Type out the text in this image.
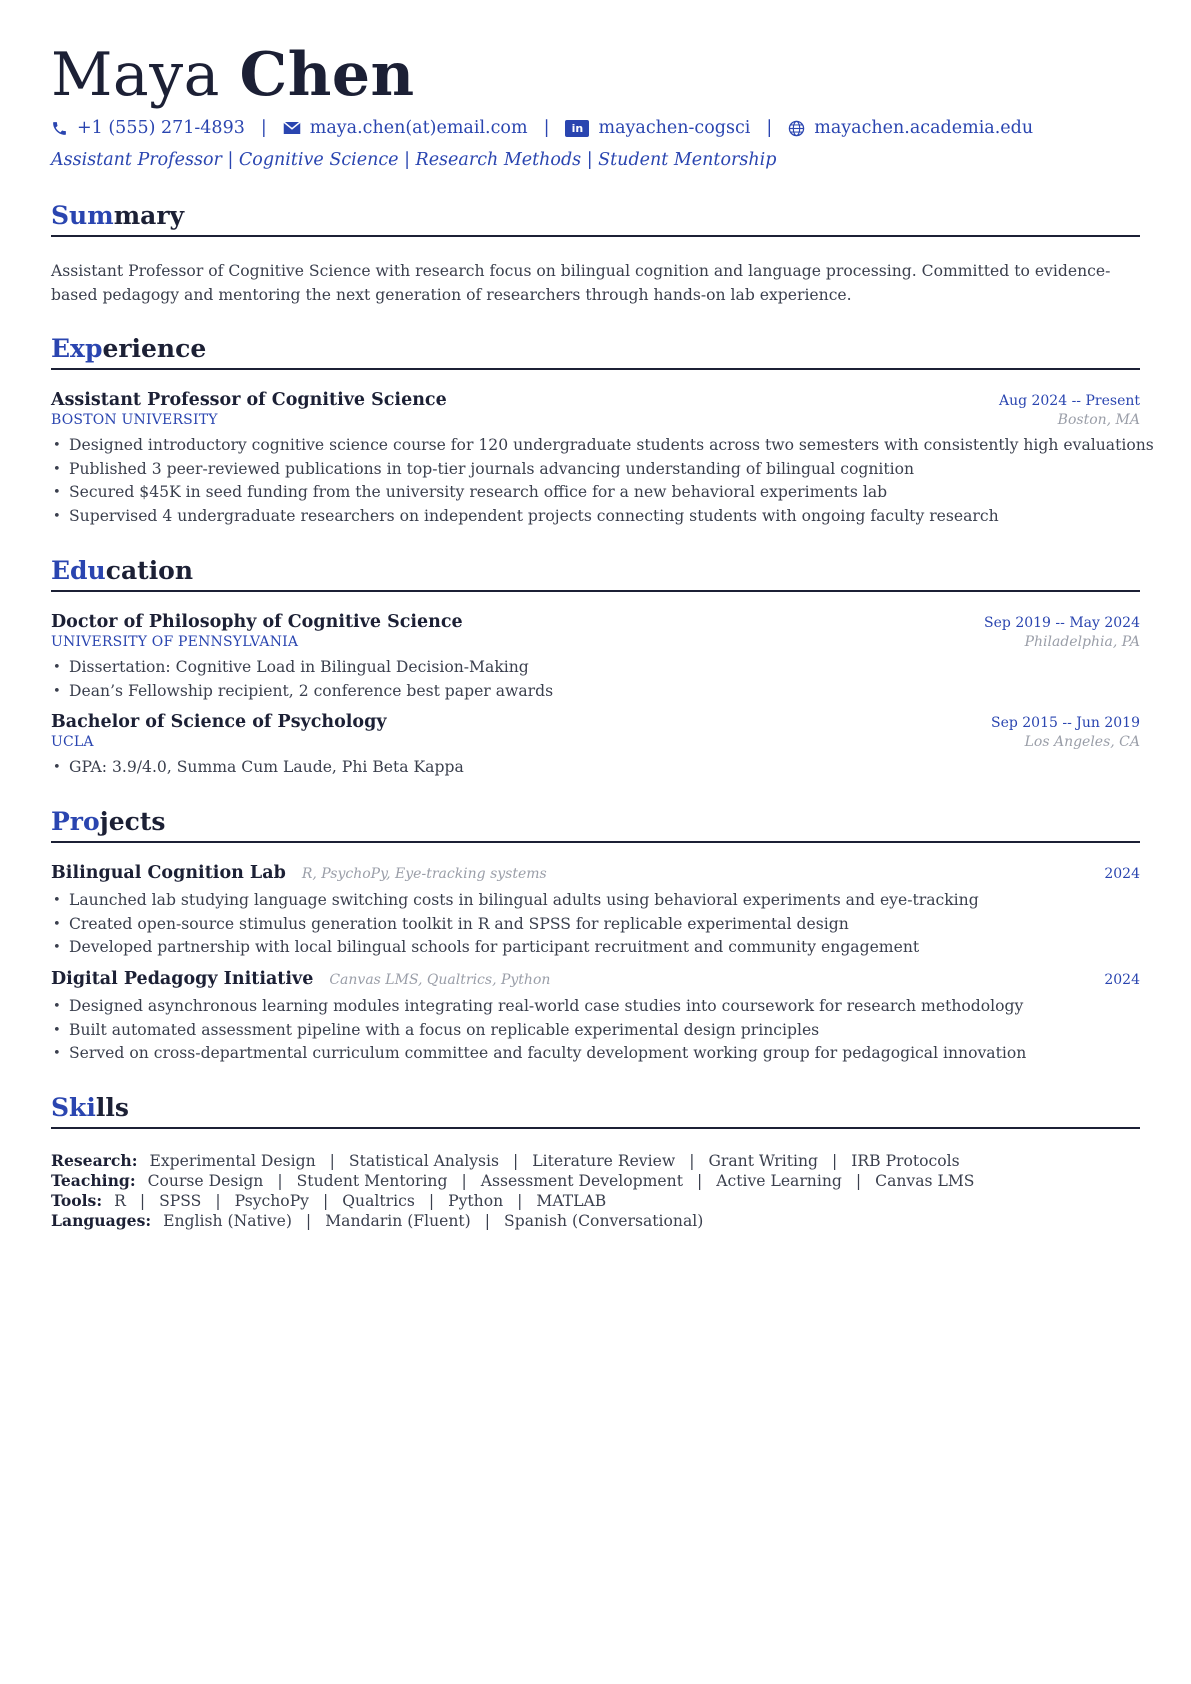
Maya Chen
+1 (555) 271-4893 | maya.chen(at)email.com |	in mayachen-cogsci | mayachen.academia.edu
Assistant Professor | Cognitive Science | Research Methods | Student Mentorship
Summary

Assistant Professor of Cognitive Science with research focus on bilingual cognition and language processing. Committed to evidence-based pedagogy and mentoring the next generation of researchers through hands-on lab experience.

Experience
Assistant Professor of Cognitive Science	Aug 2024 -- Present
BOSTON UNIVERSITY	Boston, MA
• Designed introductory cognitive science course for 120 undergraduate students across two semesters with consistently high evaluations
• Published 3 peer-reviewed publications in top-tier journals advancing understanding of bilingual cognition
• Secured $45K in seed funding from the university research office for a new behavioral experiments lab
• Supervised 4 undergraduate researchers on independent projects connecting students with ongoing faculty research
Education
Doctor of Philosophy of Cognitive Science	Sep 2019 -- May 2024
UNIVERSITY OF PENNSYLVANIA	Philadelphia, PA
• Dissertation: Cognitive Load in Bilingual Decision-Making
• Dean’s Fellowship recipient, 2 conference best paper awards
Bachelor of Science of Psychology	Sep 2015 -- Jun 2019
UCLA	Los Angeles, CA
• GPA: 3.9/4.0, Summa Cum Laude, Phi Beta Kappa
Projects
Bilingual Cognition Lab R, PsychoPy, Eye-tracking systems	2024
• Launched lab studying language switching costs in bilingual adults using behavioral experiments and eye-tracking
• Created open-source stimulus generation toolkit in R and SPSS for replicable experimental design
• Developed partnership with local bilingual schools for participant recruitment and community engagement
Digital Pedagogy Initiative Canvas LMS, Qualtrics, Python	2024
• Designed asynchronous learning modules integrating real-world case studies into coursework for research methodology
• Built automated assessment pipeline with a focus on replicable experimental design principles
• Served on cross-departmental curriculum committee and faculty development working group for pedagogical innovation
Skills
Research: Experimental Design | Statistical Analysis | Literature Review | Grant Writing | IRB Protocols
Teaching: Course Design | Student Mentoring | Assessment Development | Active Learning | Canvas LMS
Tools: R | SPSS | PsychoPy | Qualtrics | Python | MATLAB
Languages: English (Native) | Mandarin (Fluent) | Spanish (Conversational)
